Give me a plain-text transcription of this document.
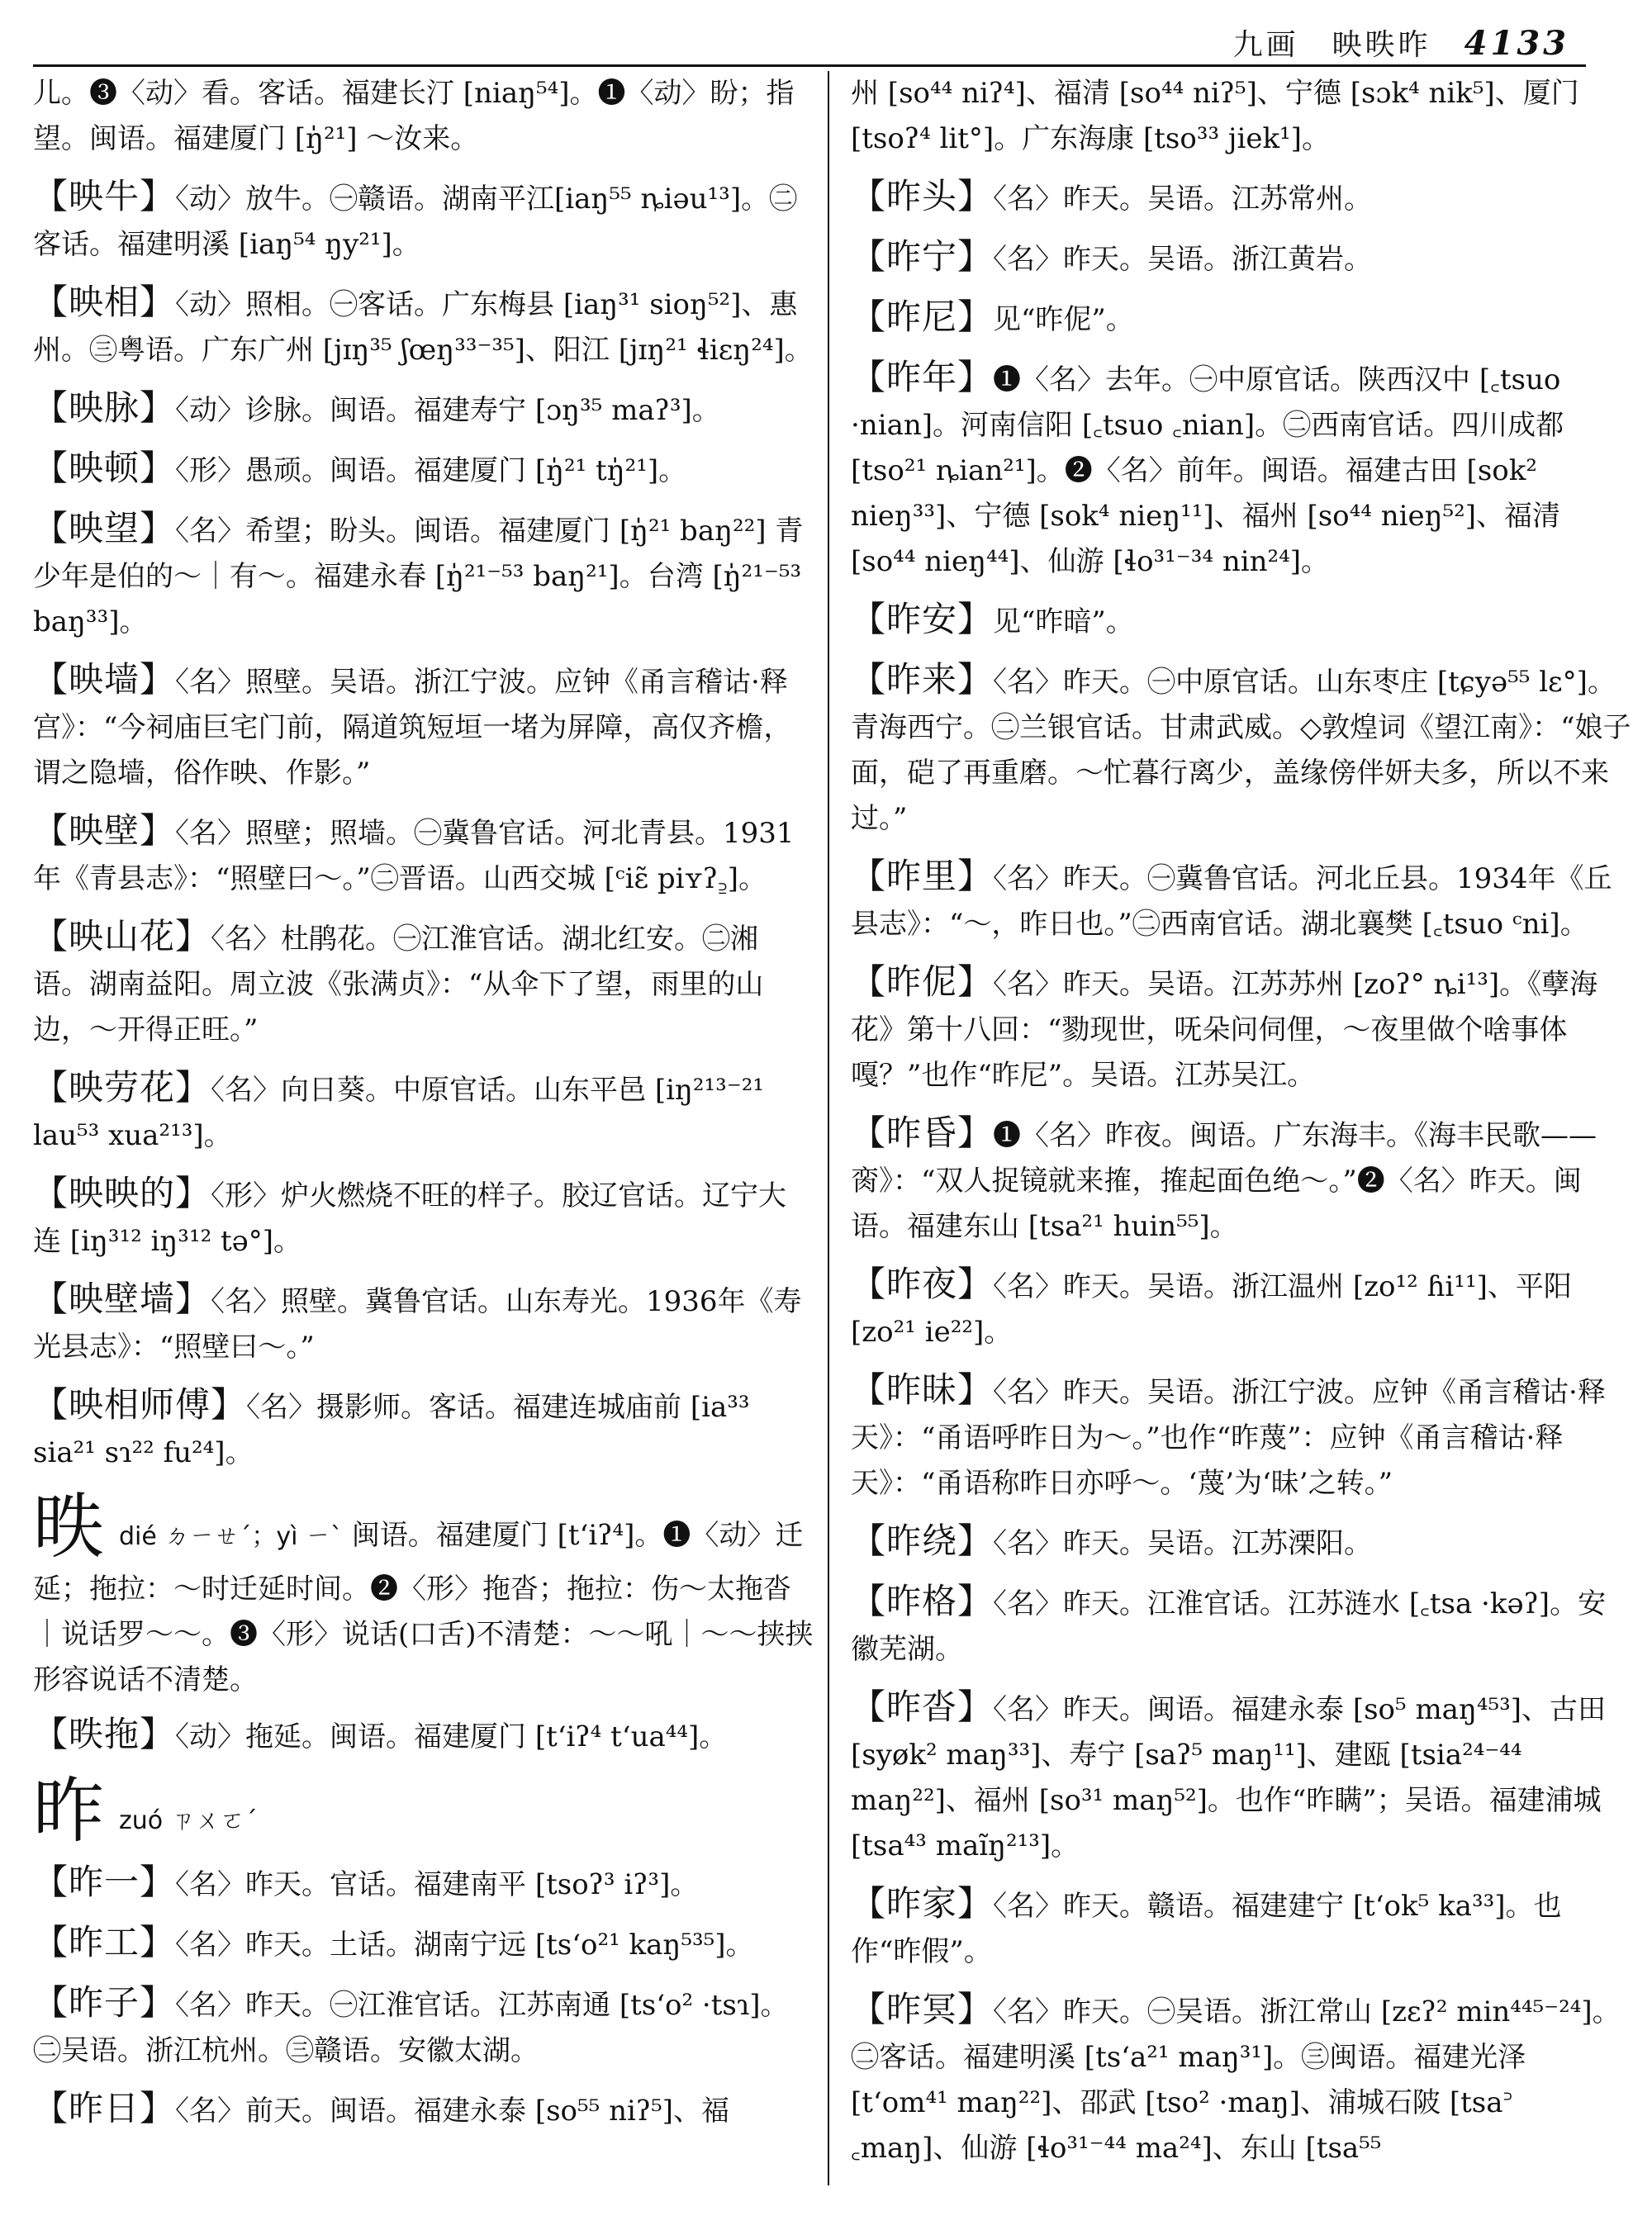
九画　映昳昨 4133
儿。❸〈动〉看。客话。福建长汀 [niaŋ⁵⁴]。❶〈动〉盼；指望。闽语。福建厦门 [ŋ̍²¹] ～汝来。
【映牛】〈动〉放牛。㊀赣语。湖南平江[iaŋ⁵⁵ ȵiəu¹³]。㊁客话。福建明溪 [iaŋ⁵⁴ ŋy²¹]。
【映相】〈动〉照相。㊀客话。广东梅县 [iaŋ³¹ sioŋ⁵²]、惠州。㊂粤语。广东广州 [jɪŋ³⁵ ʃœŋ³³⁻³⁵]、阳江 [jɪŋ²¹ ɬiɛŋ²⁴]。
【映脉】〈动〉诊脉。闽语。福建寿宁 [ɔŋ³⁵ maʔ³]。
【映顿】〈形〉愚顽。闽语。福建厦门 [ŋ̍²¹ tŋ̍²¹]。
【映望】〈名〉希望；盼头。闽语。福建厦门 [ŋ̍²¹ baŋ²²] 青少年是伯的～｜有～。福建永春 [ŋ̍²¹⁻⁵³ baŋ²¹]。台湾 [ŋ̍²¹⁻⁵³ baŋ³³]。
【映墙】〈名〉照壁。吴语。浙江宁波。应钟《甬言稽诂·释宫》：“今祠庙巨宅门前，隔道筑短垣一堵为屏障，高仅齐檐，谓之隐墙，俗作映、作影。”
【映壁】〈名〉照壁；照墙。㊀冀鲁官话。河北青县。1931年《青县志》：“照壁曰～。”㊁晋语。山西交城 [ᶜiɛ̃ piʏʔ꜇]。
【映山花】〈名〉杜鹃花。㊀江淮官话。湖北红安。㊁湘语。湖南益阳。周立波《张满贞》：“从伞下了望，雨里的山边，～开得正旺。”
【映劳花】〈名〉向日葵。中原官话。山东平邑 [iŋ²¹³⁻²¹ lau⁵³ xua²¹³]。
【映映的】〈形〉炉火燃烧不旺的样子。胶辽官话。辽宁大连 [iŋ³¹² iŋ³¹² tə°]。
【映壁墙】〈名〉照壁。冀鲁官话。山东寿光。1936年《寿光县志》：“照壁曰～。”
【映相师傅】〈名〉摄影师。客话。福建连城庙前 [ia³³ sia²¹ sɿ²² fu²⁴]。
昳dié ㄉㄧㄝˊ；yì ㄧˋ 闽语。福建厦门 [t‘iʔ⁴]。❶〈动〉迁延；拖拉：～时迁延时间。❷〈形〉拖沓；拖拉：伤～太拖沓｜说话罗～～。❸〈形〉说话(口舌)不清楚：～～吼｜～～挟挟形容说话不清楚。
【昳拖】〈动〉拖延。闽语。福建厦门 [t‘iʔ⁴ t‘ua⁴⁴]。
昨zuó ㄗㄨㄛˊ
【昨一】〈名〉昨天。官话。福建南平 [tsoʔ³ iʔ³]。
【昨工】〈名〉昨天。土话。湖南宁远 [ts‘o²¹ kaŋ⁵³⁵]。
【昨子】〈名〉昨天。㊀江淮官话。江苏南通 [ts‘o² ·tsɿ]。㊁吴语。浙江杭州。㊂赣语。安徽太湖。
【昨日】〈名〉前天。闽语。福建永泰 [so⁵⁵ niʔ⁵]、福
州 [so⁴⁴ niʔ⁴]、福清 [so⁴⁴ niʔ⁵]、宁德 [sɔk⁴ nik⁵]、厦门 [tsoʔ⁴ lit°]。广东海康 [tso³³ jiek¹]。
【昨头】〈名〉昨天。吴语。江苏常州。
【昨宁】〈名〉昨天。吴语。浙江黄岩。
【昨尼】见“昨伲”。
【昨年】❶〈名〉去年。㊀中原官话。陕西汉中 [꜀tsuo ·nian]。河南信阳 [꜀tsuo ꜀nian]。㊁西南官话。四川成都 [tso²¹ ȵian²¹]。❷〈名〉前年。闽语。福建古田 [sok² nieŋ³³]、宁德 [sok⁴ nieŋ¹¹]、福州 [so⁴⁴ nieŋ⁵²]、福清 [so⁴⁴ nieŋ⁴⁴]、仙游 [ɬo³¹⁻³⁴ nin²⁴]。
【昨安】见“昨暗”。
【昨来】〈名〉昨天。㊀中原官话。山东枣庄 [tɕyə⁵⁵ lɛ°]。青海西宁。㊁兰银官话。甘肃武威。◇敦煌词《望江南》：“娘子面，硙了再重磨。～忙暮行离少，盖缘傍伴妍夫多，所以不来过。”
【昨里】〈名〉昨天。㊀冀鲁官话。河北丘县。1934年《丘县志》：“～，昨日也。”㊁西南官话。湖北襄樊 [꜀tsuo ᶜni]。
【昨伲】〈名〉昨天。吴语。江苏苏州 [zoʔ° ȵi¹³]。《孽海花》第十八回：“勠现世，呒朵问伺俚，～夜里做个啥事体嘎？”也作“昨尼”。吴语。江苏吴江。
【昨昏】❶〈名〉昨夜。闽语。广东海丰。《海丰民歌——脔》：“双人捉镜就来搉，搉起面色绝～。”❷〈名〉昨天。闽语。福建东山 [tsa²¹ huin⁵⁵]。
【昨夜】〈名〉昨天。吴语。浙江温州 [zo¹² ɦi¹¹]、平阳 [zo²¹ ie²²]。
【昨昧】〈名〉昨天。吴语。浙江宁波。应钟《甬言稽诂·释天》：“甬语呼昨日为～。”也作“昨蔑”：应钟《甬言稽诂·释天》：“甬语称昨日亦呼～。‘蔑’为‘昧’之转。”
【昨绕】〈名〉昨天。吴语。江苏溧阳。
【昨格】〈名〉昨天。江淮官话。江苏涟水 [꜀tsa ·kəʔ]。安徽芜湖。
【昨沓】〈名〉昨天。闽语。福建永泰 [so⁵ maŋ⁴⁵³]、古田 [syøk² maŋ³³]、寿宁 [saʔ⁵ maŋ¹¹]、建瓯 [tsia²⁴⁻⁴⁴ maŋ²²]、福州 [so³¹ maŋ⁵²]。也作“昨瞒”；吴语。福建浦城 [tsa⁴³ maĩŋ²¹³]。
【昨家】〈名〉昨天。赣语。福建建宁 [t‘ok⁵ ka³³]。也作“昨假”。
【昨冥】〈名〉昨天。㊀吴语。浙江常山 [zɛʔ² min⁴⁴⁵⁻²⁴]。㊁客话。福建明溪 [ts‘a²¹ maŋ³¹]。㊂闽语。福建光泽 [t‘om⁴¹ maŋ²²]、邵武 [tso² ·maŋ]、浦城石陂 [tsa꜄ ꜀maŋ]、仙游 [ɬo³¹⁻⁴⁴ ma²⁴]、东山 [tsa⁵⁵
